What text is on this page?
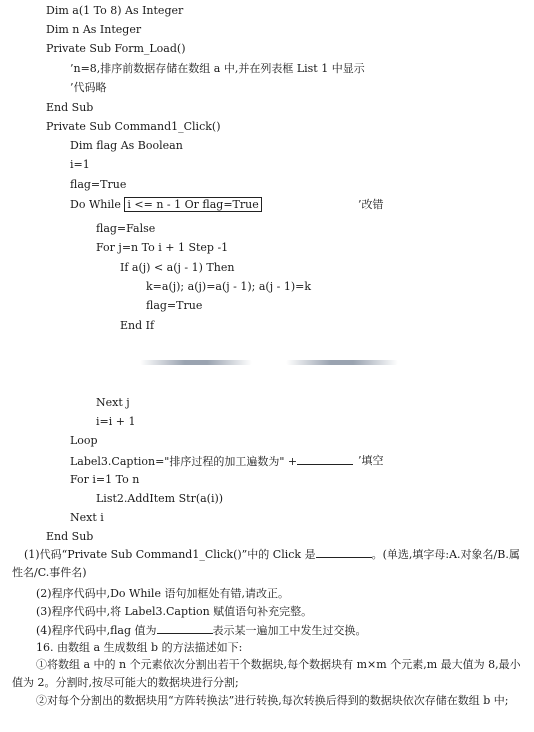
Dim a(1 To 8) As Integer
Dim n As Integer
Private Sub Form_Load()
’n=8,排序前数据存储在数组 a 中,并在列表框 List 1 中显示
’代码略
End Sub
Private Sub Command1_Click()
Dim flag As Boolean
i=1
flag=True
Do While i <= n - 1 Or flag=True	’改错
flag=False
For j=n To i + 1 Step -1
If a(j) < a(j - 1) Then
k=a(j); a(j)=a(j - 1); a(j - 1)=k
flag=True
End If
Next j
i=i + 1
Loop
Label3.Caption="排序过程的加工遍数为" +	’填空
For i=1 To n
List2.AddItem Str(a(i))
Next i
End Sub
(1)代码“Private Sub Command1_Click()”中的 Click 是	。(单选,填字母:A.对象名/B.属性名/C.事件名)
(2)程序代码中,Do While 语句加框处有错,请改正。
(3)程序代码中,将 Label3.Caption 赋值语句补充完整。
(4)程序代码中,flag 值为	表示某一遍加工中发生过交换。
16. 由数组 a 生成数组 b 的方法描述如下:
①将数组 a 中的 n 个元素依次分割出若干个数据块,每个数据块有 m×m 个元素,m 最大值为 8,最小值为 2。分割时,按尽可能大的数据块进行分割;
②对每个分割出的数据块用“方阵转换法”进行转换,每次转换后得到的数据块依次存储在数组 b 中;
